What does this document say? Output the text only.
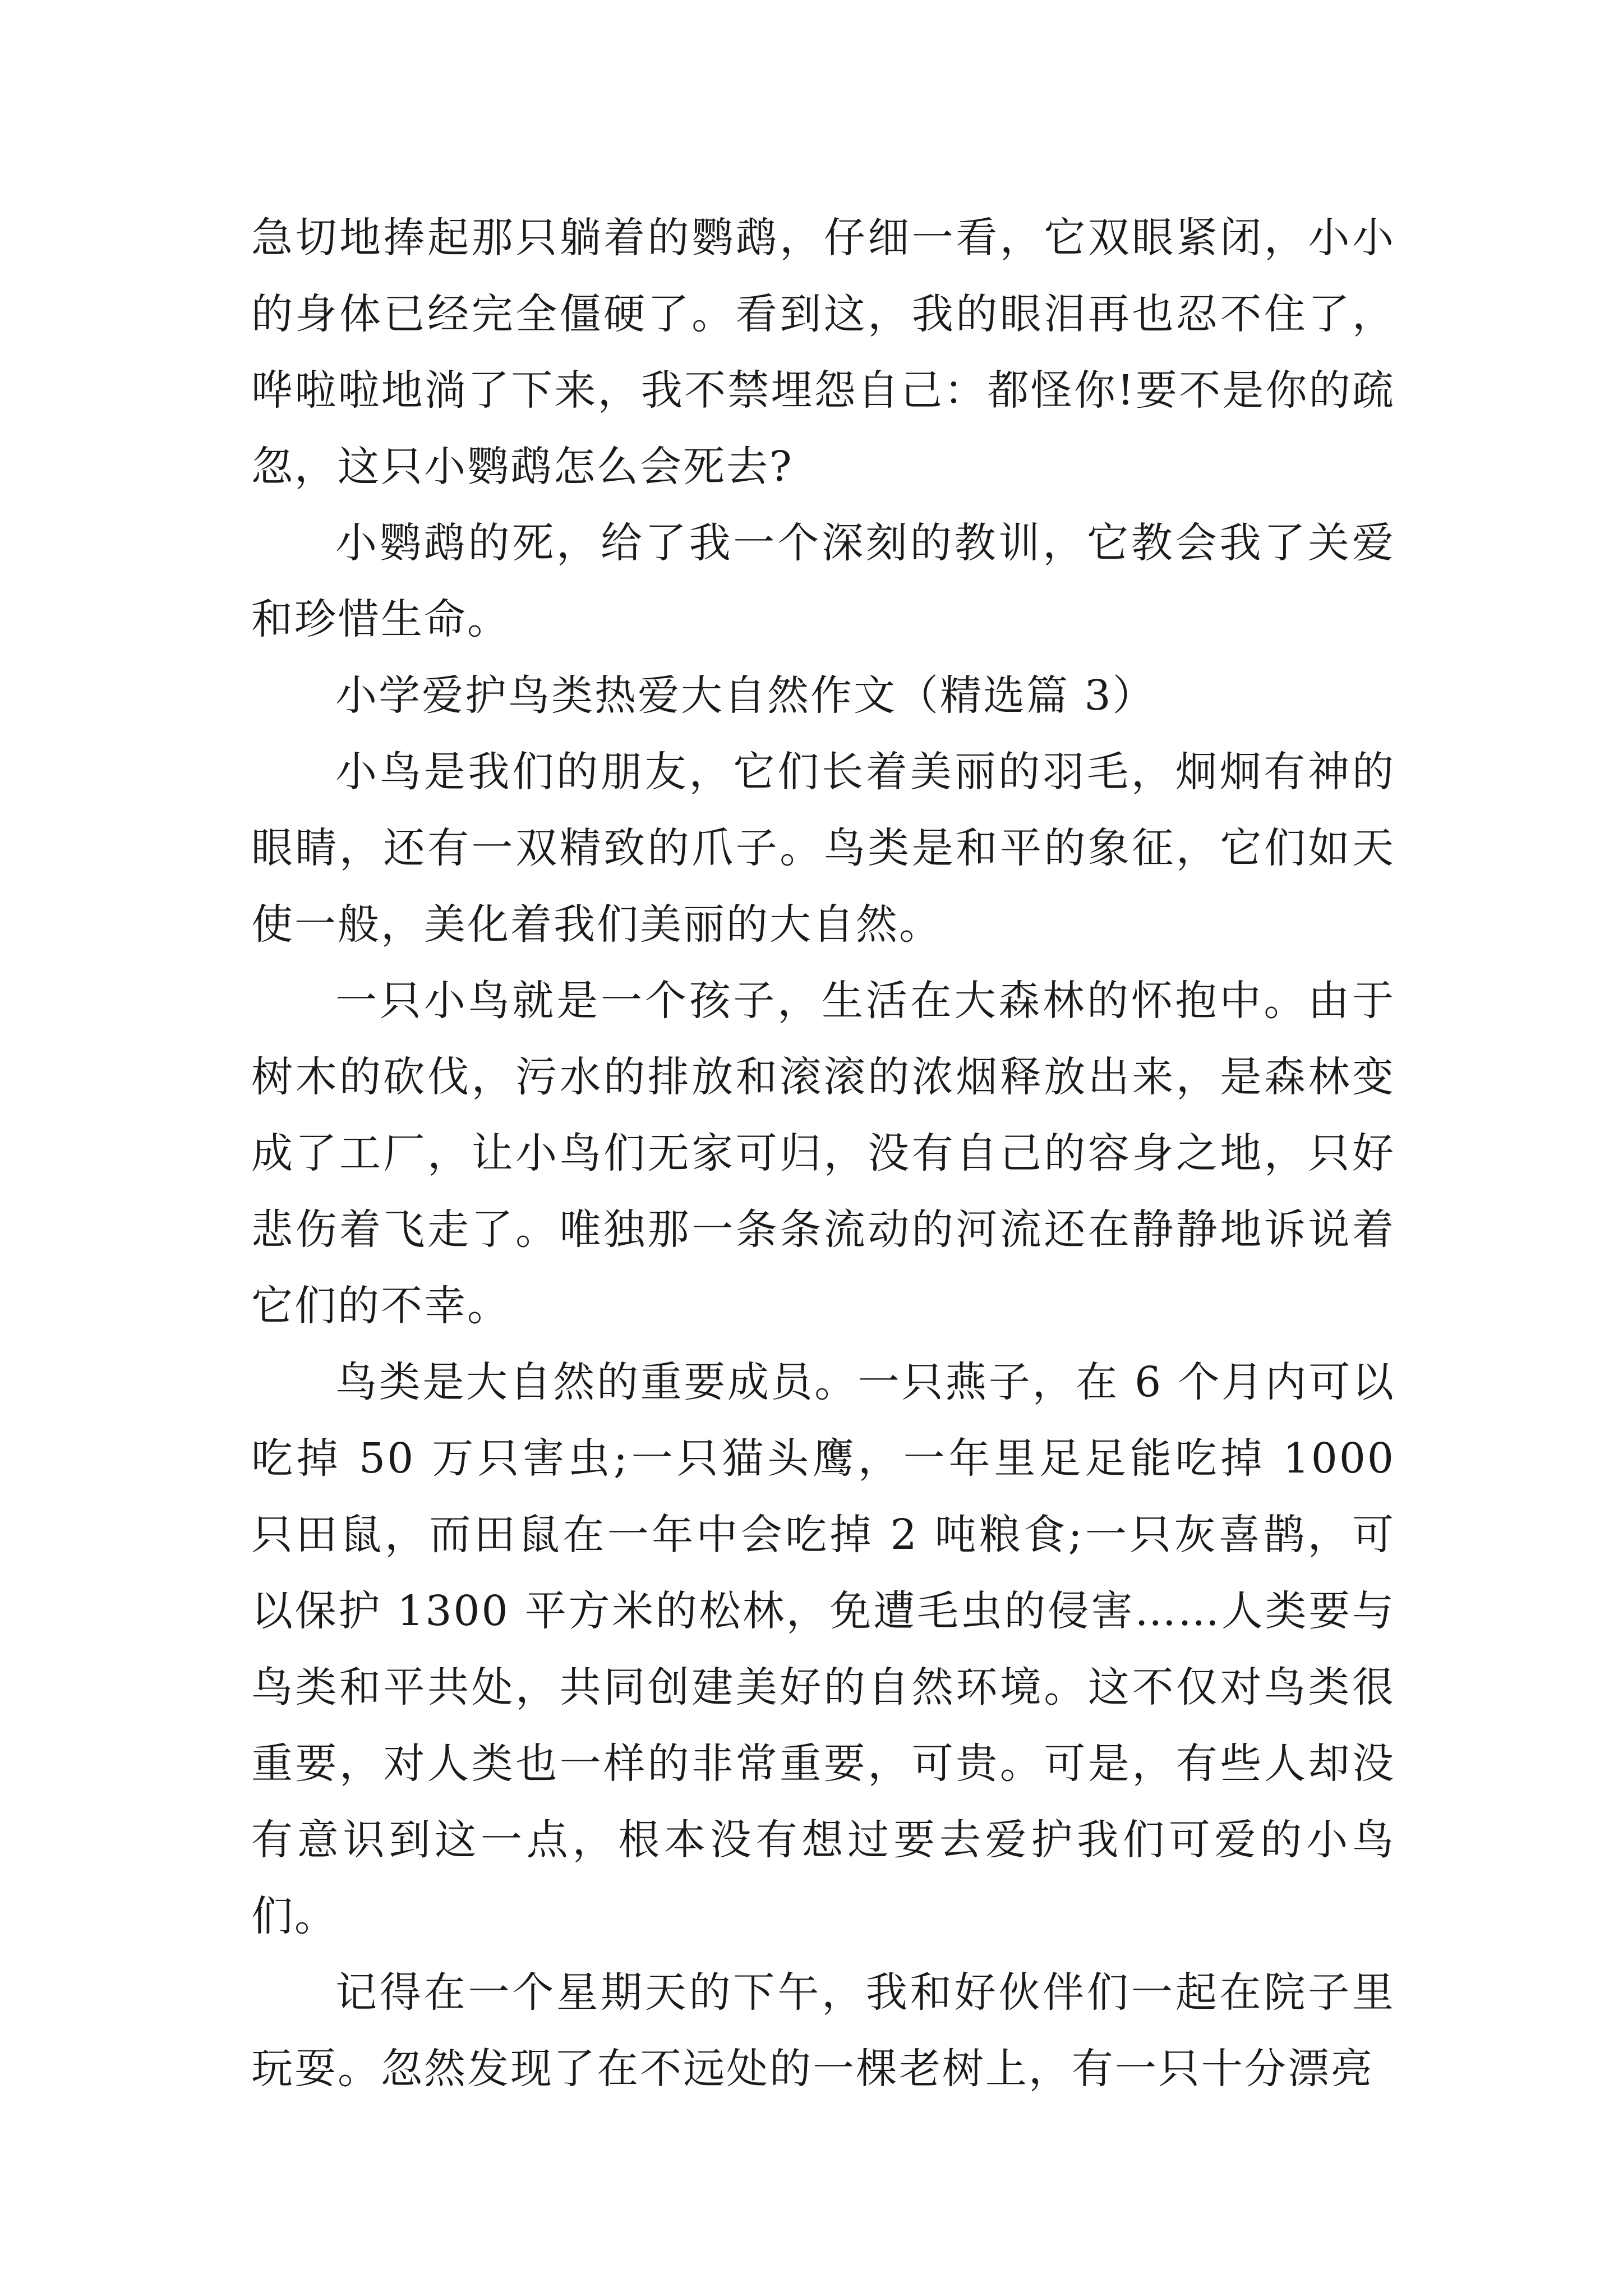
急切地捧起那只躺着的鹦鹉，仔细一看，它双眼紧闭，小小的身体已经完全僵硬了。看到这，我的眼泪再也忍不住了，哗啦啦地淌了下来，我不禁埋怨自己：都怪你!要不是你的疏忽，这只小鹦鹉怎么会死去?

小鹦鹉的死，给了我一个深刻的教训，它教会我了关爱和珍惜生命。

小学爱护鸟类热爱大自然作文（精选篇 3）

小鸟是我们的朋友，它们长着美丽的羽毛，炯炯有神的眼睛，还有一双精致的爪子。鸟类是和平的象征，它们如天使一般，美化着我们美丽的大自然。

一只小鸟就是一个孩子，生活在大森林的怀抱中。由于树木的砍伐，污水的排放和滚滚的浓烟释放出来，是森林变成了工厂，让小鸟们无家可归，没有自己的容身之地，只好悲伤着飞走了。唯独那一条条流动的河流还在静静地诉说着它们的不幸。

鸟类是大自然的重要成员。一只燕子，在 6 个月内可以吃掉 50 万只害虫;一只猫头鹰，一年里足足能吃掉 1000 只田鼠，而田鼠在一年中会吃掉 2 吨粮食;一只灰喜鹊，可以保护 1300 平方米的松林，免遭毛虫的侵害……人类要与鸟类和平共处，共同创建美好的自然环境。这不仅对鸟类很重要，对人类也一样的非常重要，可贵。可是，有些人却没有意识到这一点，根本没有想过要去爱护我们可爱的小鸟们。

记得在一个星期天的下午，我和好伙伴们一起在院子里玩耍。忽然发现了在不远处的一棵老树上，有一只十分漂亮
